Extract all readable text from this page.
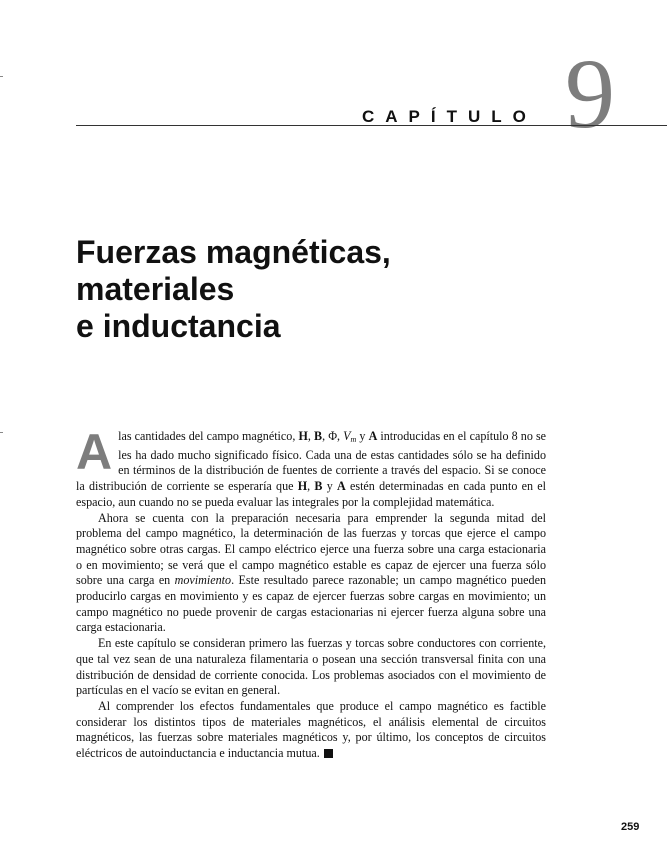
9
CAPÍTULO
Fuerzas magnéticas,
materiales
e inductancia

Alas cantidades del campo magnético, H, B, Φ, $V_m$ y A introducidas en el capítulo 8 no se les ha dado mucho significado físico. Cada una de estas cantidades sólo se ha definido en términos de la distribución de fuentes de corriente a través del espacio. Si se conoce la distribución de corriente se esperaría que H, B y A estén determinadas en cada punto en el espacio, aun cuando no se pueda evaluar las integrales por la complejidad matemática.

Ahora se cuenta con la preparación necesaria para emprender la segunda mitad del problema del campo magnético, la determinación de las fuerzas y torcas que ejerce el campo magnético sobre otras cargas. El campo eléctrico ejerce una fuerza sobre una carga estacionaria o en movimiento; se verá que el campo magnético estable es capaz de ejercer una fuerza sólo sobre una carga en movimiento. Este resultado parece razonable; un campo magnético pueden producirlo cargas en movimiento y es capaz de ejercer fuerzas sobre cargas en movimiento; un campo magnético no puede provenir de cargas estacionarias ni ejercer fuerza alguna sobre una carga estacionaria.

En este capítulo se consideran primero las fuerzas y torcas sobre conductores con corriente, que tal vez sean de una naturaleza filamentaria o posean una sección transversal finita con una distribución de densidad de corriente conocida. Los problemas asociados con el movimiento de partículas en el vacío se evitan en general.

Al comprender los efectos fundamentales que produce el campo magnético es factible considerar los distintos tipos de materiales magnéticos, el análisis elemental de circuitos magnéticos, las fuerzas sobre materiales magnéticos y, por último, los conceptos de circuitos eléctricos de autoinductancia e inductancia mutua.

259
